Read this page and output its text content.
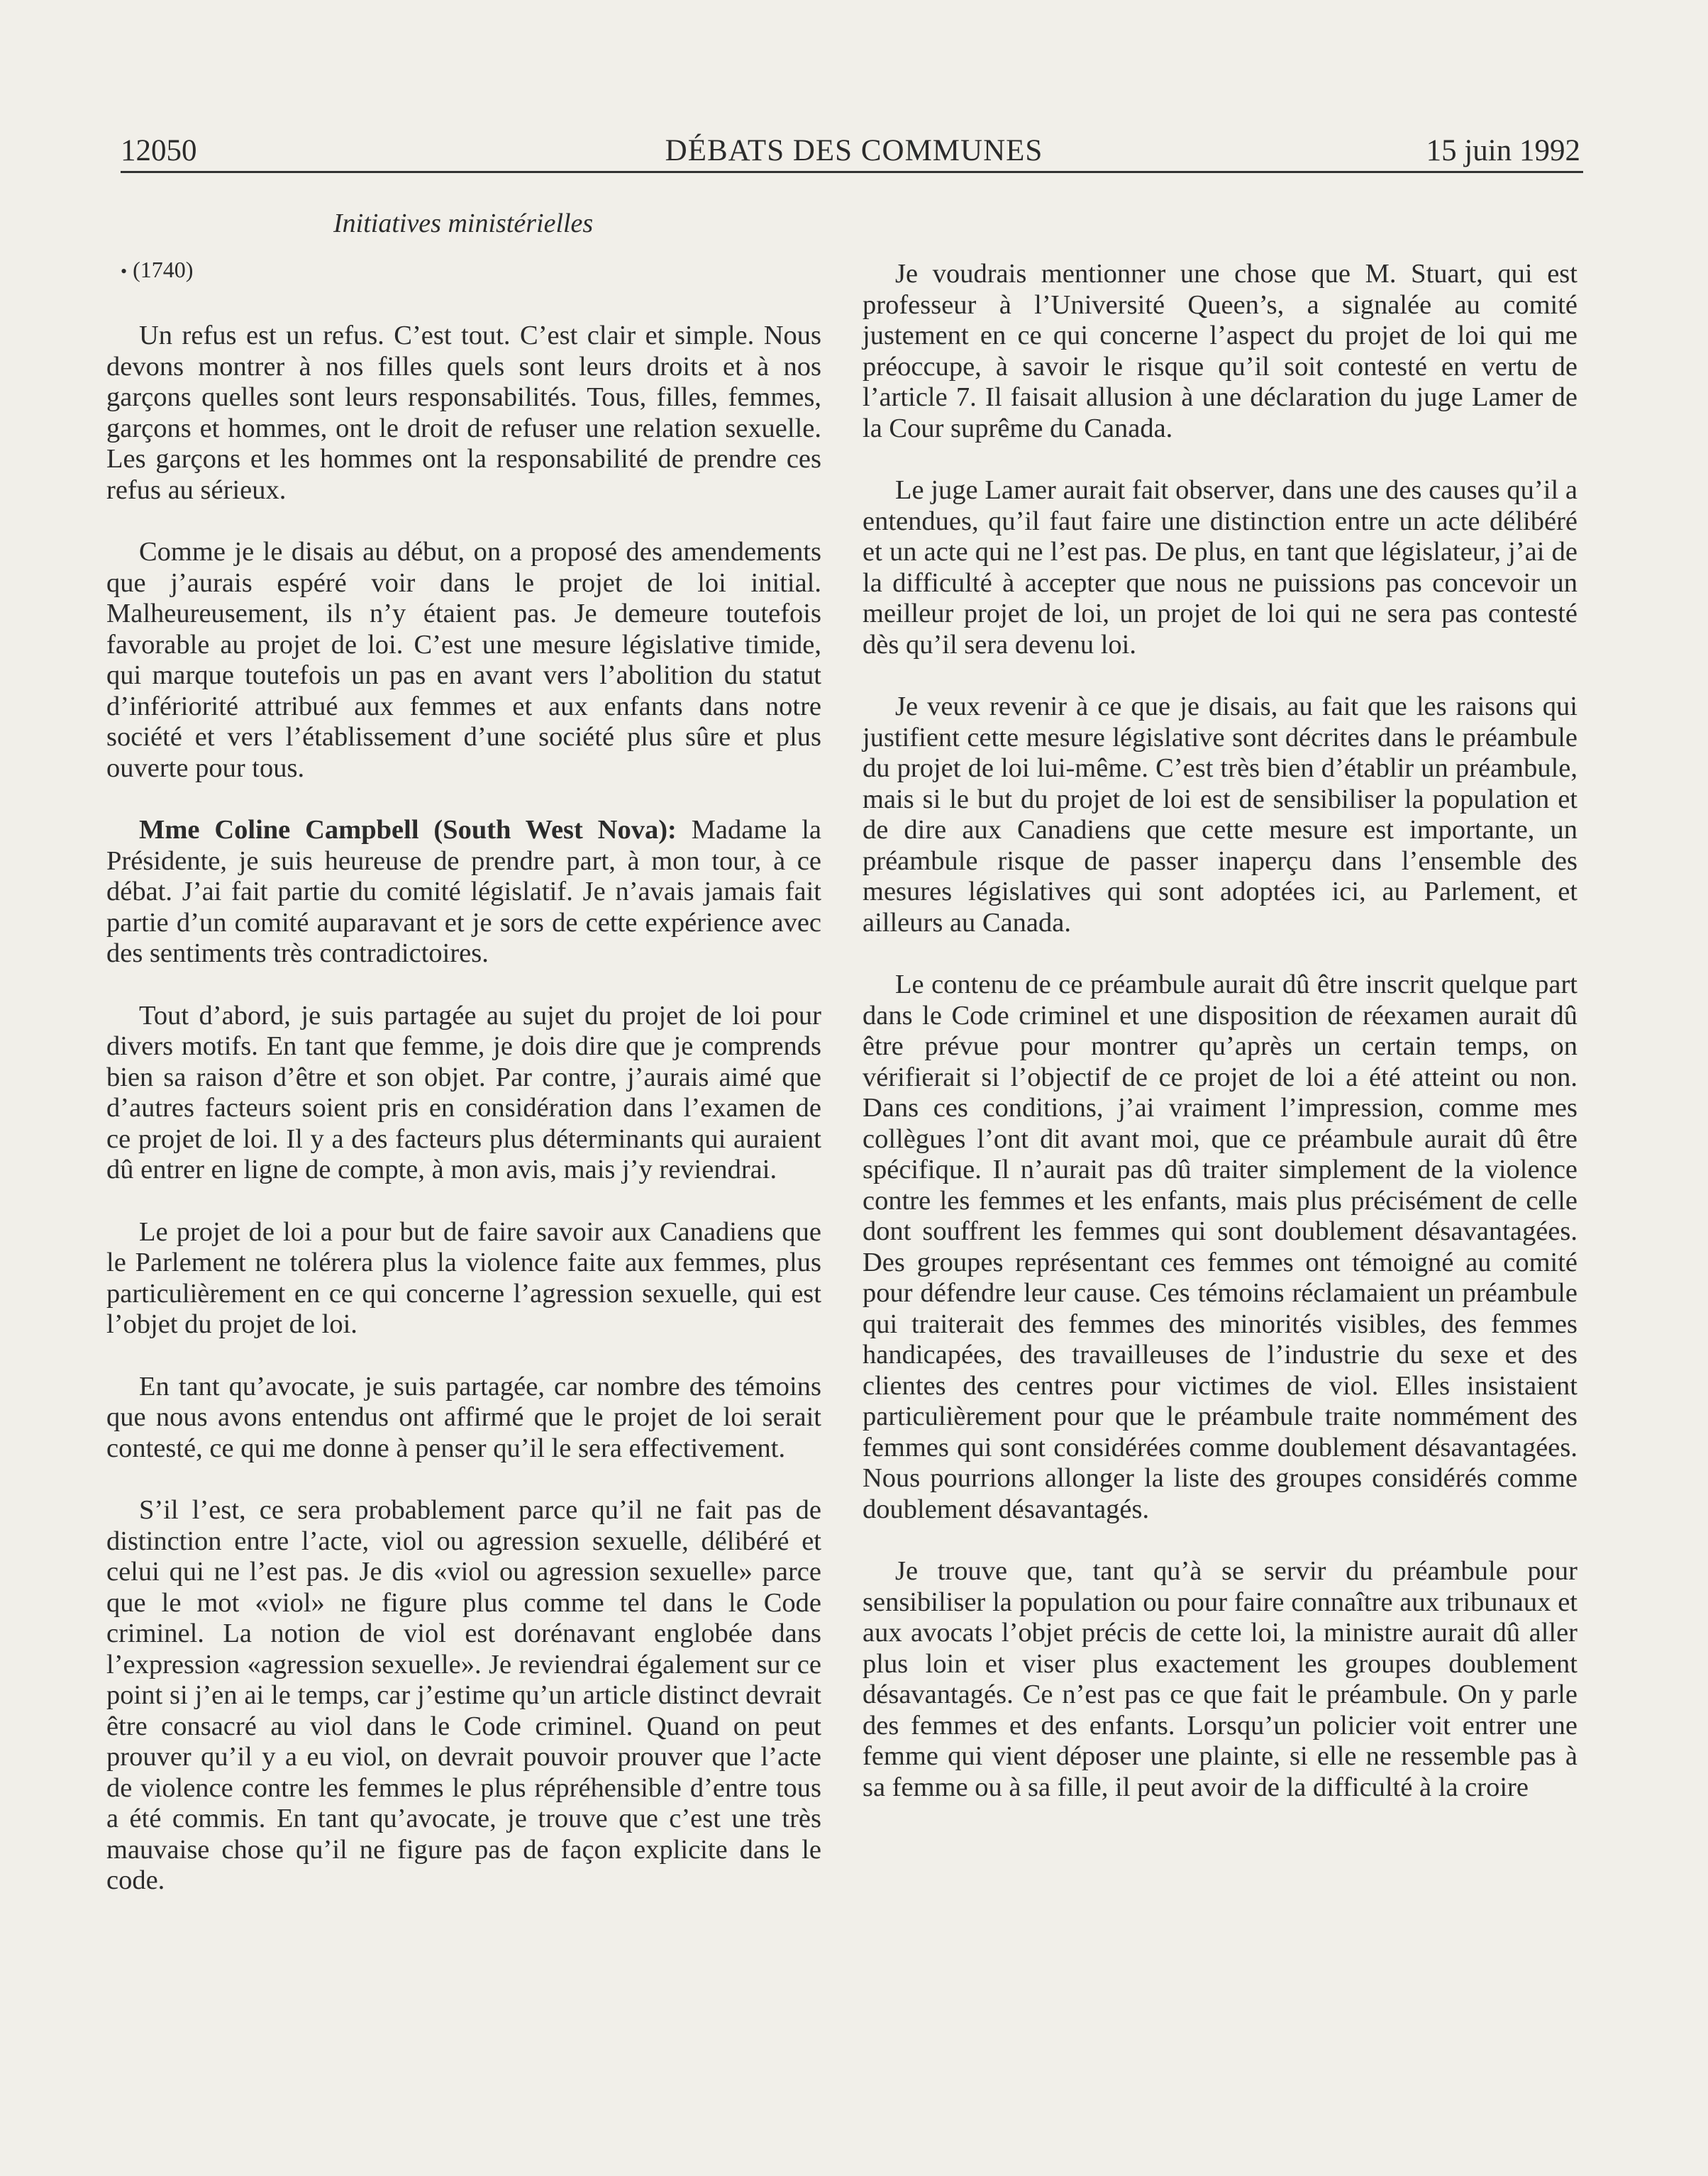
12050	DÉBATS DES COMMUNES	15 juin 1992
Initiatives ministérielles
• (1740)

Un refus est un refus. C’est tout. C’est clair et simple. Nous devons montrer à nos filles quels sont leurs droits et à nos garçons quelles sont leurs responsabilités. Tous, filles, femmes, garçons et hommes, ont le droit de refuser une relation sexuelle. Les garçons et les hommes ont la responsabilité de prendre ces refus au sérieux.

Comme je le disais au début, on a proposé des amendements que j’aurais espéré voir dans le projet de loi initial. Malheureusement, ils n’y étaient pas. Je demeure toutefois favorable au projet de loi. C’est une mesure législative timide, qui marque toutefois un pas en avant vers l’abolition du statut d’infériorité attribué aux femmes et aux enfants dans notre société et vers l’établissement d’une société plus sûre et plus ouverte pour tous.

Mme Coline Campbell (South West Nova): Madame la Présidente, je suis heureuse de prendre part, à mon tour, à ce débat. J’ai fait partie du comité législatif. Je n’avais jamais fait partie d’un comité auparavant et je sors de cette expérience avec des sentiments très contradictoires.

Tout d’abord, je suis partagée au sujet du projet de loi pour divers motifs. En tant que femme, je dois dire que je comprends bien sa raison d’être et son objet. Par contre, j’aurais aimé que d’autres facteurs soient pris en considération dans l’examen de ce projet de loi. Il y a des facteurs plus déterminants qui auraient dû entrer en ligne de compte, à mon avis, mais j’y reviendrai.

Le projet de loi a pour but de faire savoir aux Canadiens que le Parlement ne tolérera plus la violence faite aux femmes, plus particulièrement en ce qui concerne l’agression sexuelle, qui est l’objet du projet de loi.

En tant qu’avocate, je suis partagée, car nombre des témoins que nous avons entendus ont affirmé que le projet de loi serait contesté, ce qui me donne à penser qu’il le sera effectivement.

S’il l’est, ce sera probablement parce qu’il ne fait pas de distinction entre l’acte, viol ou agression sexuelle, délibéré et celui qui ne l’est pas. Je dis «viol ou agression sexuelle» parce que le mot «viol» ne figure plus comme tel dans le Code criminel. La notion de viol est dorénavant englobée dans l’expression «agression sexuelle». Je reviendrai également sur ce point si j’en ai le temps, car j’estime qu’un article distinct devrait être consacré au viol dans le Code criminel. Quand on peut prouver qu’il y a eu viol, on devrait pouvoir prouver que l’acte de violence contre les femmes le plus répréhensible d’entre tous a été commis. En tant qu’avocate, je trouve que c’est une très mauvaise chose qu’il ne figure pas de façon explicite dans le code.

Je voudrais mentionner une chose que M. Stuart, qui est professeur à l’Université Queen’s, a signalée au comité justement en ce qui concerne l’aspect du projet de loi qui me préoccupe, à savoir le risque qu’il soit contesté en vertu de l’article 7. Il faisait allusion à une déclaration du juge Lamer de la Cour suprême du Canada.

Le juge Lamer aurait fait observer, dans une des causes qu’il a entendues, qu’il faut faire une distinction entre un acte délibéré et un acte qui ne l’est pas. De plus, en tant que législateur, j’ai de la difficulté à accepter que nous ne puissions pas concevoir un meilleur projet de loi, un projet de loi qui ne sera pas contesté dès qu’il sera devenu loi.

Je veux revenir à ce que je disais, au fait que les raisons qui justifient cette mesure législative sont décrites dans le préambule du projet de loi lui-même. C’est très bien d’établir un préambule, mais si le but du projet de loi est de sensibiliser la population et de dire aux Canadiens que cette mesure est importante, un préambule risque de passer inaperçu dans l’ensemble des mesures législatives qui sont adoptées ici, au Parlement, et ailleurs au Canada.

Le contenu de ce préambule aurait dû être inscrit quelque part dans le Code criminel et une disposition de réexamen aurait dû être prévue pour montrer qu’après un certain temps, on vérifierait si l’objectif de ce projet de loi a été atteint ou non. Dans ces conditions, j’ai vraiment l’impression, comme mes collègues l’ont dit avant moi, que ce préambule aurait dû être spécifique. Il n’aurait pas dû traiter simplement de la violence contre les femmes et les enfants, mais plus précisément de celle dont souffrent les femmes qui sont doublement désavantagées. Des groupes représentant ces femmes ont témoigné au comité pour défendre leur cause. Ces témoins réclamaient un préambule qui traiterait des femmes des minorités visibles, des femmes handicapées, des travailleuses de l’industrie du sexe et des clientes des centres pour victimes de viol. Elles insistaient particulièrement pour que le préambule traite nommément des femmes qui sont considérées comme doublement désavantagées. Nous pourrions allonger la liste des groupes considérés comme doublement désavantagés.

Je trouve que, tant qu’à se servir du préambule pour sensibiliser la population ou pour faire connaître aux tribunaux et aux avocats l’objet précis de cette loi, la ministre aurait dû aller plus loin et viser plus exactement les groupes doublement désavantagés. Ce n’est pas ce que fait le préambule. On y parle des femmes et des enfants. Lorsqu’un policier voit entrer une femme qui vient déposer une plainte, si elle ne ressemble pas à sa femme ou à sa fille, il peut avoir de la difficulté à la croire
